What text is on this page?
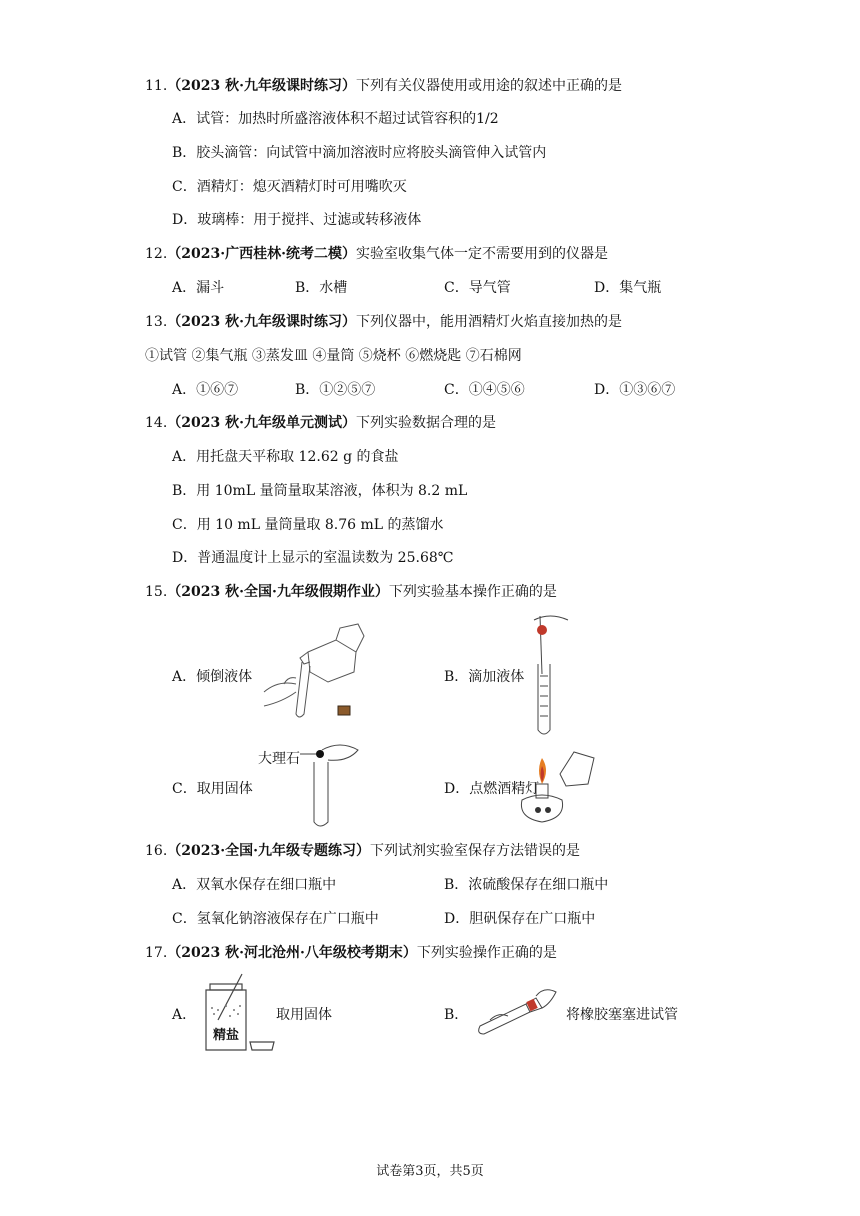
11.（2023 秋·九年级课时练习）下列有关仪器使用或用途的叙述中正确的是
A．试管：加热时所盛溶液体积不超过试管容积的1/2
B．胶头滴管：向试管中滴加溶液时应将胶头滴管伸入试管内
C．酒精灯：熄灭酒精灯时可用嘴吹灭
D．玻璃棒：用于搅拌、过滤或转移液体
12.（2023·广西桂林·统考二模）实验室收集气体一定不需要用到的仪器是
A．漏斗	B．水槽	C．导气管	D．集气瓶
13.（2023 秋·九年级课时练习）下列仪器中，能用酒精灯火焰直接加热的是
①试管 ②集气瓶 ③蒸发皿 ④量筒 ⑤烧杯 ⑥燃烧匙 ⑦石棉网
A．①⑥⑦	B．①②⑤⑦	C．①④⑤⑥	D．①③⑥⑦
14.（2023 秋·九年级单元测试）下列实验数据合理的是
A．用托盘天平称取 12.62 g 的食盐
B．用 10mL 量筒量取某溶液，体积为 8.2 mL
C．用 10 mL 量筒量取 8.76 mL 的蒸馏水
D．普通温度计上显示的室温读数为 25.68℃
15.（2023 秋·全国·九年级假期作业）下列实验基本操作正确的是
A．倾倒液体	B．滴加液体
C．取用固体	D．点燃酒精灯
大理石
16.（2023·全国·九年级专题练习）下列试剂实验室保存方法错误的是
A．双氧水保存在细口瓶中	B．浓硫酸保存在细口瓶中
C．氢氧化钠溶液保存在广口瓶中	D．胆矾保存在广口瓶中
17.（2023 秋·河北沧州·八年级校考期末）下列实验操作正确的是
A．	取用固体	B．	将橡胶塞塞进试管
精盐
试卷第3页，共5页
